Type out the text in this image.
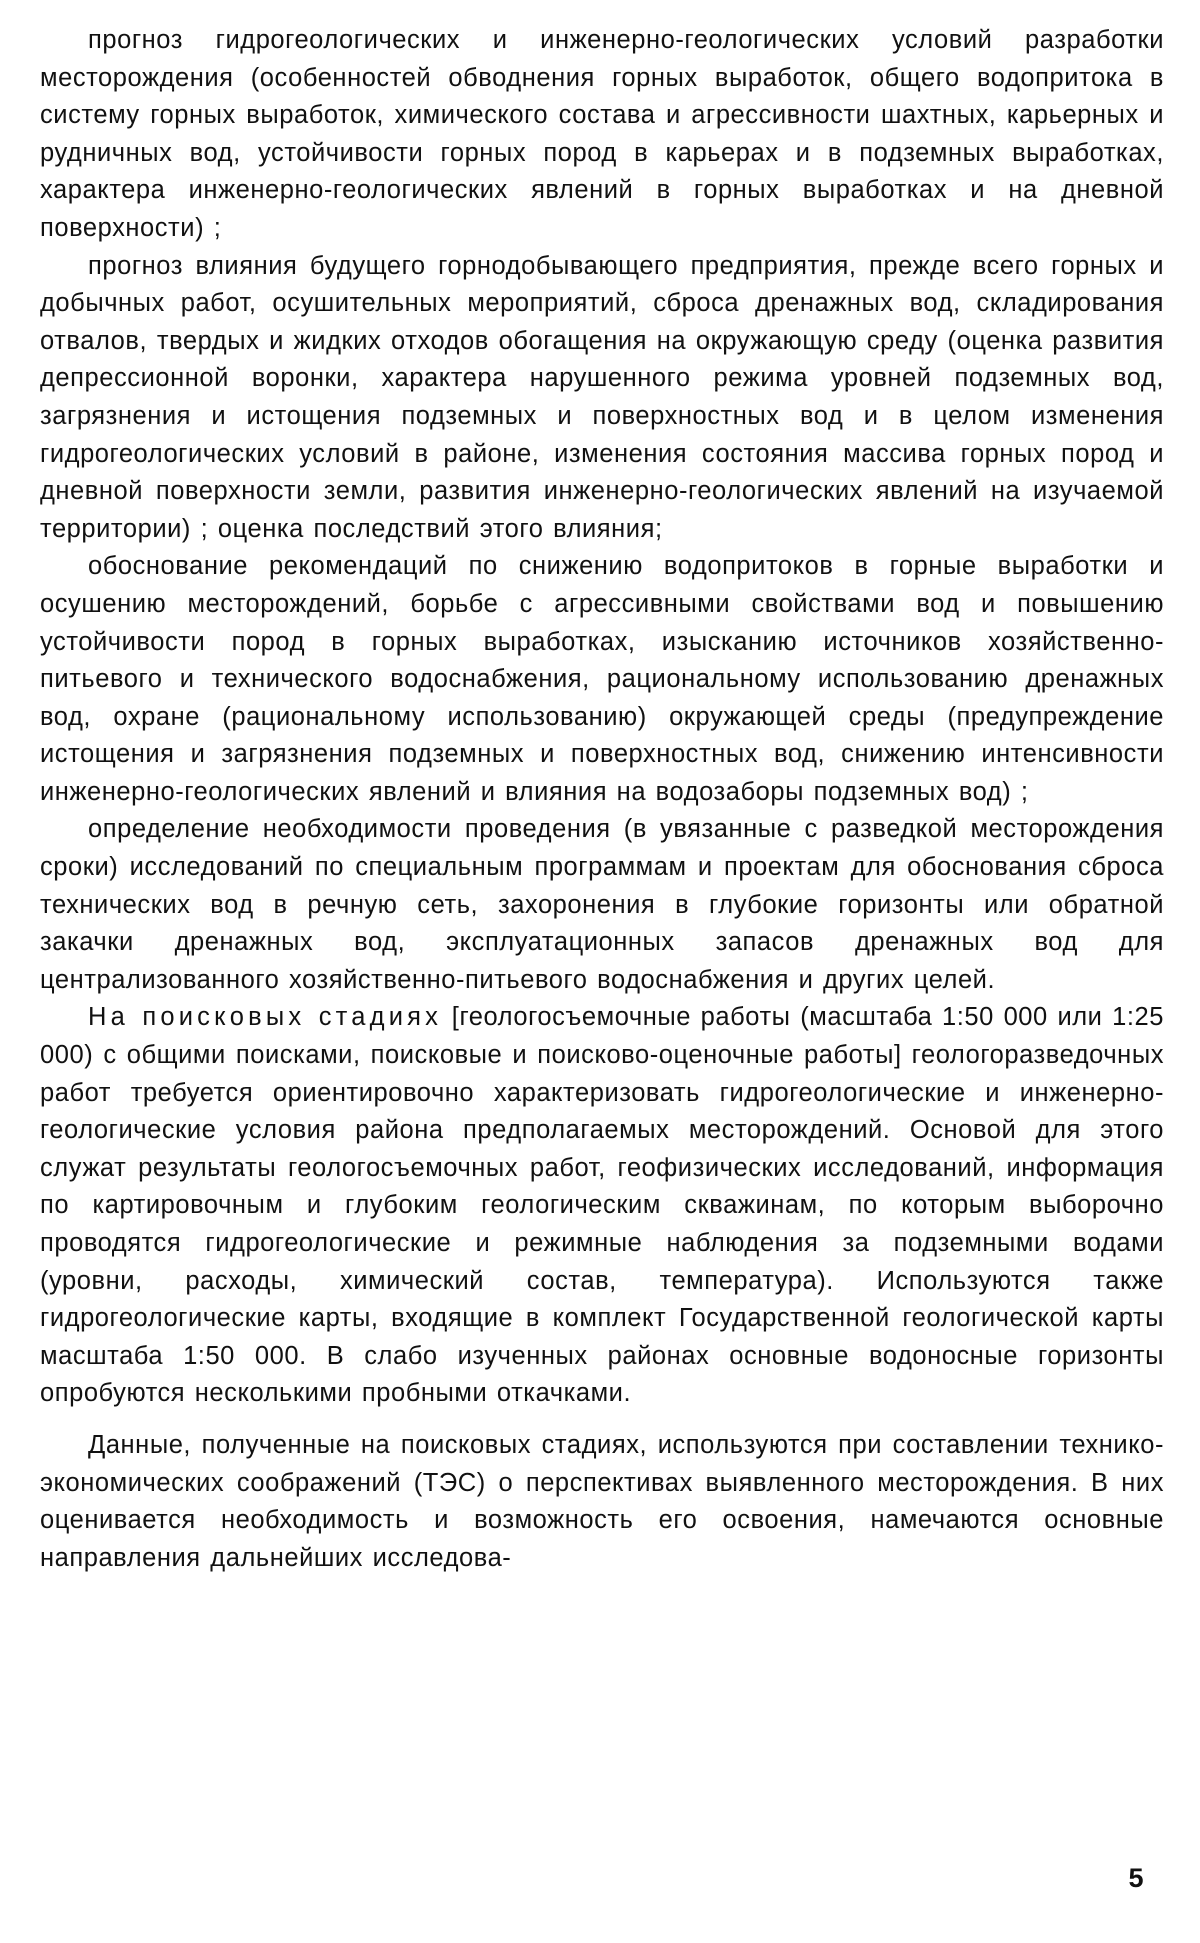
прогноз гидрогеологических и инженерно-геологических условий разработки месторождения (особенностей обводнения горных выработок, общего водопритока в систему горных выработок, химического состава и агрессивности шахтных, карьерных и рудничных вод, устойчивости горных пород в карьерах и в подземных выработках, характера инженерно-геологических явлений в горных выработках и на дневной поверхности) ;

прогноз влияния будущего горнодобывающего предприятия, прежде всего горных и добычных работ, осушительных мероприятий, сброса дренажных вод, складирования отвалов, твердых и жидких отходов обогащения на окружающую среду (оценка развития депрессионной воронки, характера нарушенного режима уровней подземных вод, загрязнения и истощения подземных и поверхностных вод и в целом изменения гидрогеологических условий в районе, изменения состояния массива горных пород и дневной поверхности земли, развития инженерно-геологических явлений на изучаемой территории) ; оценка последствий этого влияния;

обоснование рекомендаций по снижению водопритоков в горные выработки и осушению месторождений, борьбе с агрессивными свойствами вод и повышению устойчивости пород в горных выработках, изысканию источников хозяйственно-питьевого и технического водоснабжения, рациональному использованию дренажных вод, охране (рациональному использованию) окружающей среды (предупреждение истощения и загрязнения подземных и поверхностных вод, снижению интенсивности инженерно-геологических явлений и влияния на водозаборы подземных вод) ;

определение необходимости проведения (в увязанные с разведкой месторождения сроки) исследований по специальным программам и проектам для обоснования сброса технических вод в речную сеть, захоронения в глубокие горизонты или обратной закачки дренажных вод, эксплуатационных запасов дренажных вод для централизованного хозяйственно-питьевого водоснабжения и других целей.

На поисковых стадиях [геологосъемочные работы (масштаба 1:50 000 или 1:25 000) с общими поисками, поисковые и поисково-оценочные работы] геологоразведочных работ требуется ориентировочно характеризовать гидрогеологические и инженерно-геологические условия района предполагаемых месторождений. Основой для этого служат результаты геологосъемочных работ, геофизических исследований, информация по картировочным и глубоким геологическим скважинам, по которым выборочно проводятся гидрогеологические и режимные наблюдения за подземными водами (уровни, расходы, химический состав, температура). Используются также гидрогеологические карты, входящие в комплект Государственной геологической карты масштаба 1:50 000. В слабо изученных районах основные водоносные горизонты опробуются несколькими пробными откачками.

Данные, полученные на поисковых стадиях, используются при составлении технико-экономических соображений (ТЭС) о перспективах выявленного месторождения. В них оценивается необходимость и возможность его освоения, намечаются основные направления дальнейших исследова-

5
